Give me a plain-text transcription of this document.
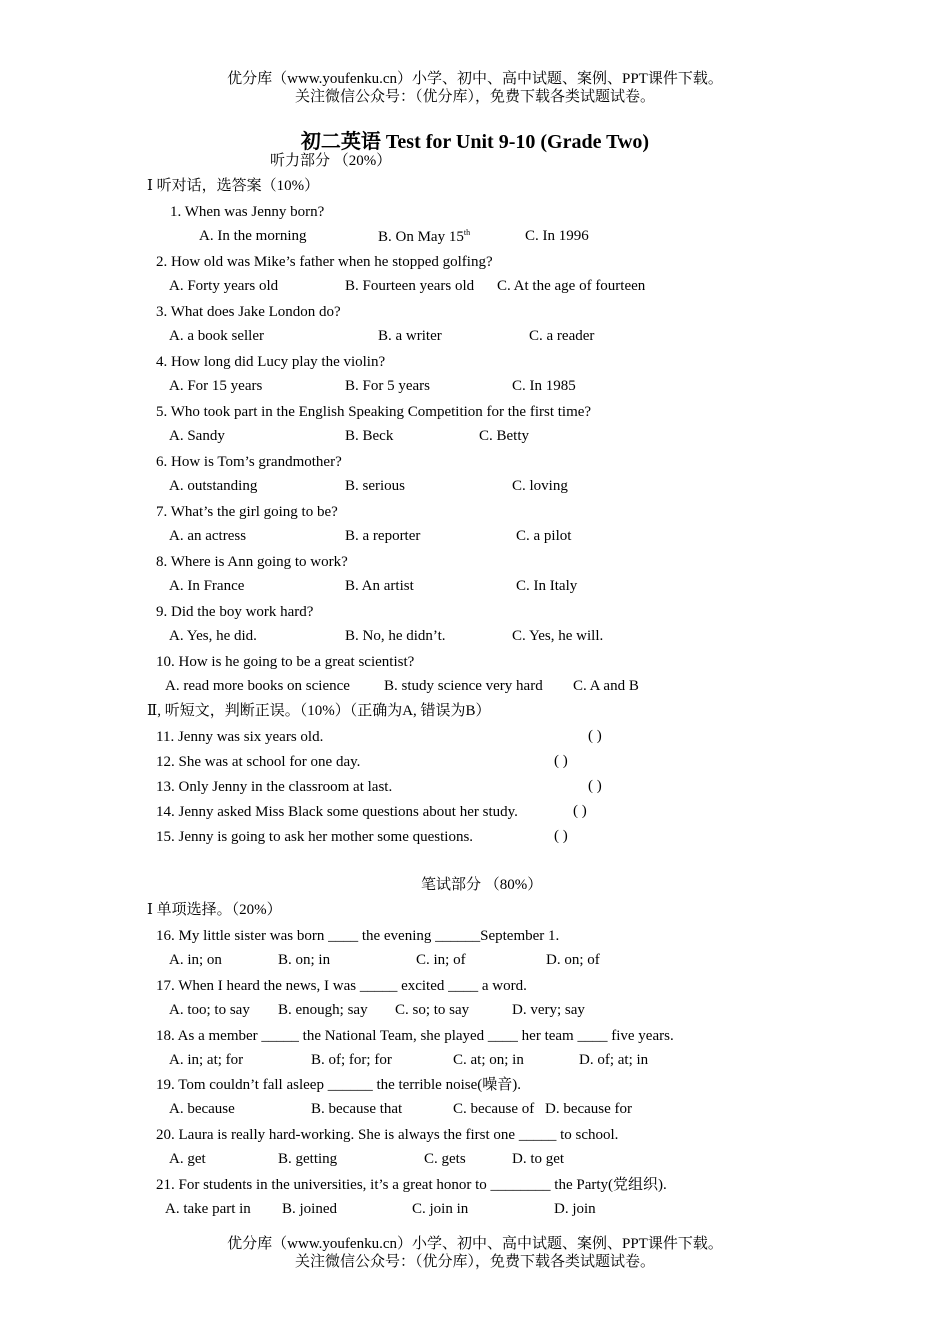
优分库（www.youfenku.cn）小学、初中、高中试题、案例、PPT课件下载。
关注微信公众号：（优分库），免费下载各类试题试卷。
初二英语 Test for Unit 9-10 (Grade Two)
听力部分 （20%）
Ⅰ 听对话，选答案（10%）
1. When was Jenny born?
A. In the morning	B. On May 15th	C. In 1996
2. How old was Mike’s father when he stopped golfing?
A. Forty years old	B. Fourteen years old C. At the age of fourteen
3. What does Jake London do?
A. a book seller	B. a writer	C. a reader
4. How long did Lucy play the violin?
A. For 15 years	B. For 5 years	C. In 1985
5. Who took part in the English Speaking Competition for the first time?
A. Sandy	B. Beck	C. Betty
6. How is Tom’s grandmother?
A. outstanding	B. serious	C. loving
7. What’s the girl going to be?
A. an actress	B. a reporter	C. a pilot
8. Where is Ann going to work?
A. In France	B. An artist	C. In Italy
9. Did the boy work hard?
A. Yes, he did.	B. No, he didn’t.	C. Yes, he will.
10. How is he going to be a great scientist?
A. read more books on science B. study science very hard C. A and B
Ⅱ, 听短文，判断正误。（10%）（正确为A, 错误为B）
11. Jenny was six years old.	( )
12. She was at school for one day.	( )
13. Only Jenny in the classroom at last.	( )
14. Jenny asked Miss Black some questions about her study.	( )
15. Jenny is going to ask her mother some questions.	( )
笔试部分 （80%）
Ⅰ 单项选择。（20%）
16. My little sister was born ____ the evening ______September 1.
A. in; on	B. on; in	C. in; of	D. on; of
17. When I heard the news, I was _____ excited ____ a word.
A. too; to say B. enough; say C. so; to say	D. very; say
18. As a member _____ the National Team, she played ____ her team ____ five years.
A. in; at; for	B. of; for; for	C. at; on; in	D. of; at; in
19. Tom couldn’t fall asleep ______ the terrible noise(噪音).
A. because	B. because that	C. because of D. because for
20. Laura is really hard-working. She is always the first one _____ to school.
A. get	B. getting	C. gets	D. to get
21. For students in the universities, it’s a great honor to ________ the Party(党组织).
A. take part in B. joined	C. join in	D. join
优分库（www.youfenku.cn）小学、初中、高中试题、案例、PPT课件下载。
关注微信公众号：（优分库），免费下载各类试题试卷。
